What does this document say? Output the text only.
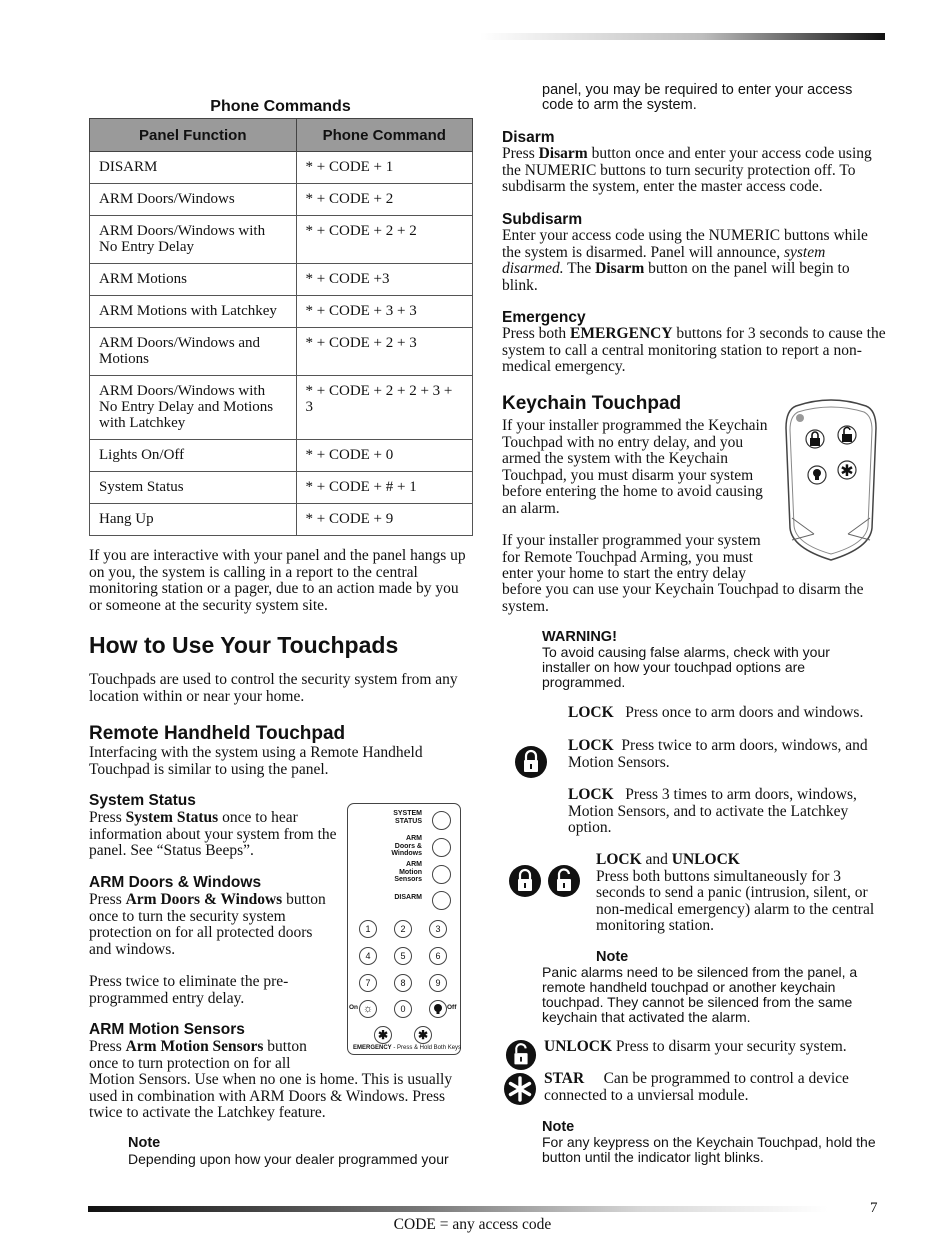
Phone Commands
Panel Function	Phone Command
DISARM	* + CODE + 1
ARM Doors/Windows	* + CODE + 2
ARM Doors/Windows with No Entry Delay	* + CODE + 2 + 2
ARM Motions	* + CODE +3
ARM Motions with Latchkey	* + CODE + 3 + 3
ARM Doors/Windows and Motions	* + CODE + 2 + 3
ARM Doors/Windows with No Entry Delay and Motions with Latchkey	* + CODE + 2 + 2 + 3 + 3
Lights On/Off	* + CODE + 0
System Status	* + CODE + # + 1
Hang Up	* + CODE + 9

If you are interactive with your panel and the panel hangs up on you, the system is calling in a report to the central monitoring station or a pager, due to an action made by you or someone at the security system site.

How to Use Your Touchpads

Touchpads are used to control the security system from any location within or near your home.

Remote Handheld Touchpad

Interfacing with the system using a Remote Handheld Touchpad is similar to using the panel.

System Status

Press System Status once to hear information about your system from the panel. See “Status Beeps”.

ARM Doors & Windows

Press Arm Doors & Windows button once to turn the security system protection on for all protected doors and windows.

Press twice to eliminate the pre-programmed entry delay.

ARM Motion Sensors

Press Arm Motion Sensors button once to turn protection on for all

Motion Sensors. Use when no one is home. This is usually used in combination with ARM Doors & Windows. Press twice to activate the Latchkey feature.

Note
Depending upon how your dealer programmed your
SYSTEM
STATUS
ARM
Doors &
Windows
ARM
Motion
Sensors
DISARM
1	2	3
4	5	6
7	8	9
On ☼	0	Off
✱	✱
EMERGENCY - Press & Hold Both Keys

panel, you may be required to enter your access code to arm the system.

Disarm

Press Disarm button once and enter your access code using the NUMERIC buttons to turn security protection off. To subdisarm the system, enter the master access code.

Subdisarm

Enter your access code using the NUMERIC buttons while the system is disarmed. Panel will announce, system disarmed. The Disarm button on the panel will begin to blink.

Emergency

Press both EMERGENCY buttons for 3 seconds to cause the system to call a central monitoring station to report a non-medical emergency.

Keychain Touchpad

If your installer programmed the Keychain Touchpad with no entry delay, and you armed the system with the Keychain Touchpad, you must disarm your system before entering the home to avoid causing an alarm.

If your installer programmed your system for Remote Touchpad Arming, you must enter your home to start the entry delay

before you can use your Keychain Touchpad to disarm the system.

✱
WARNING!
To avoid causing false alarms, check with your installer on how your touchpad options are programmed.

LOCK Press once to arm doors and windows.

LOCK Press twice to arm doors, windows, and Motion Sensors.

LOCK Press 3 times to arm doors, windows, Motion Sensors, and to activate the Latchkey option.

LOCK and UNLOCK
Press both buttons simultaneously for 3 seconds to send a panic (intrusion, silent, or non-medical emergency) alarm to the central monitoring station.

Note
Panic alarms need to be silenced from the panel, a remote handheld touchpad or another keychain touchpad. They cannot be silenced from the same keychain that activated the alarm.

UNLOCK Press to disarm your security system.

STAR Can be programmed to control a device connected to a unviersal module.

Note
For any keypress on the Keychain Touchpad, hold the button until the indicator light blinks.
7
CODE = any access code
